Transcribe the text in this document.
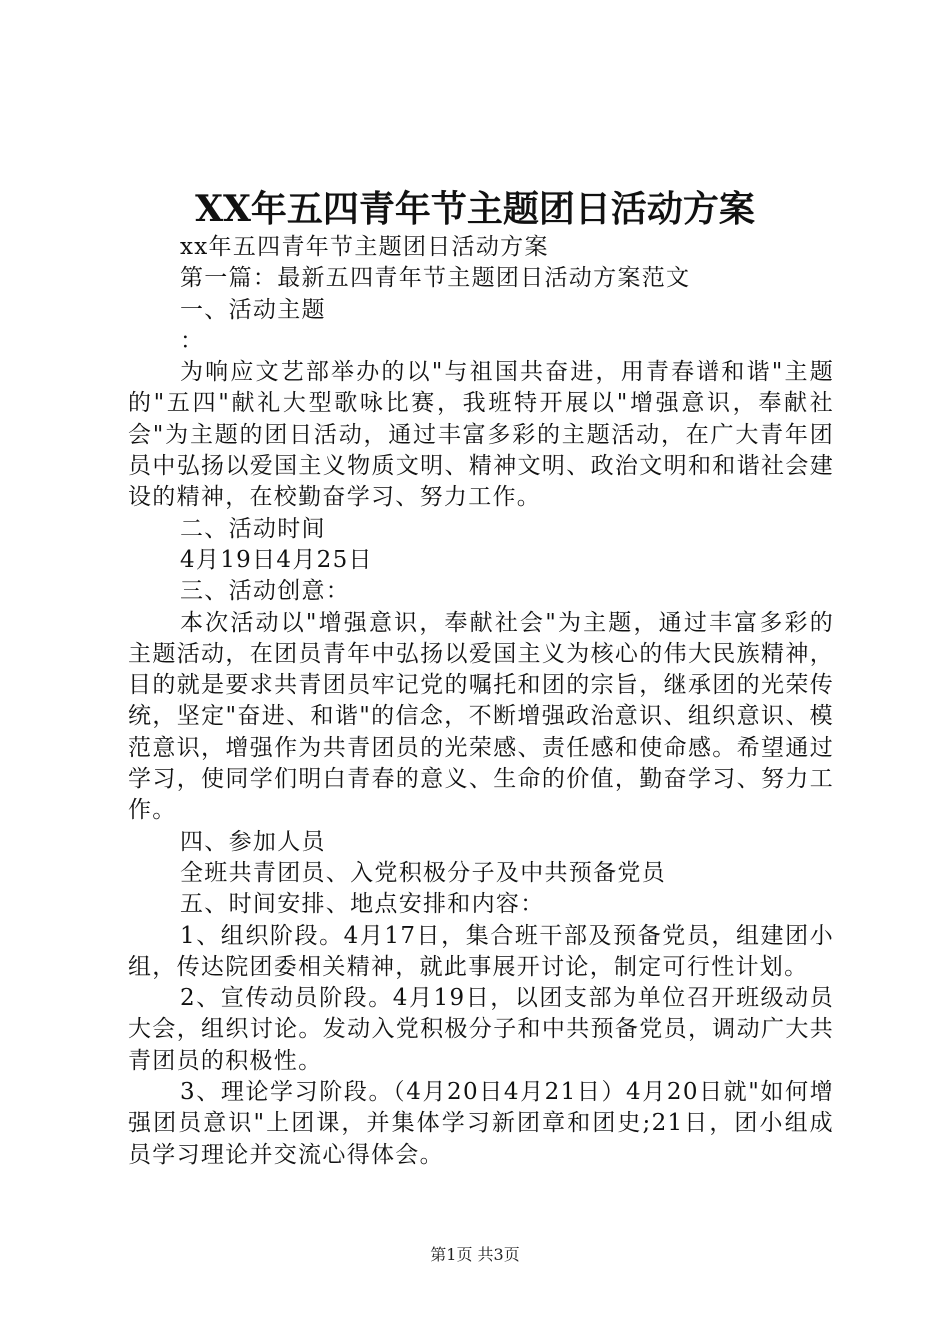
XX年五四青年节主题团日活动方案

xx年五四青年节主题团日活动方案

第一篇：最新五四青年节主题团日活动方案范文

一、活动主题

：

为响应文艺部举办的以"与祖国共奋进，用青春谱和谐"主题的"五四"献礼大型歌咏比赛，我班特开展以"增强意识，奉献社会"为主题的团日活动，通过丰富多彩的主题活动，在广大青年团员中弘扬以爱国主义物质文明、精神文明、政治文明和和谐社会建设的精神，在校勤奋学习、努力工作。

二、活动时间

4月19日4月25日

三、活动创意：

本次活动以"增强意识，奉献社会"为主题，通过丰富多彩的主题活动，在团员青年中弘扬以爱国主义为核心的伟大民族精神，目的就是要求共青团员牢记党的嘱托和团的宗旨，继承团的光荣传统，坚定"奋进、和谐"的信念，不断增强政治意识、组织意识、模范意识，增强作为共青团员的光荣感、责任感和使命感。希望通过学习，使同学们明白青春的意义、生命的价值，勤奋学习、努力工作。

四、参加人员

全班共青团员、入党积极分子及中共预备党员

五、时间安排、地点安排和内容：

1、组织阶段。4月17日，集合班干部及预备党员，组建团小组，传达院团委相关精神，就此事展开讨论，制定可行性计划。

2、宣传动员阶段。4月19日，以团支部为单位召开班级动员大会，组织讨论。发动入党积极分子和中共预备党员，调动广大共青团员的积极性。

3、理论学习阶段。（4月20日4月21日）4月20日就"如何增强团员意识"上团课，并集体学习新团章和团史;21日，团小组成员学习理论并交流心得体会。

第1页 共3页
